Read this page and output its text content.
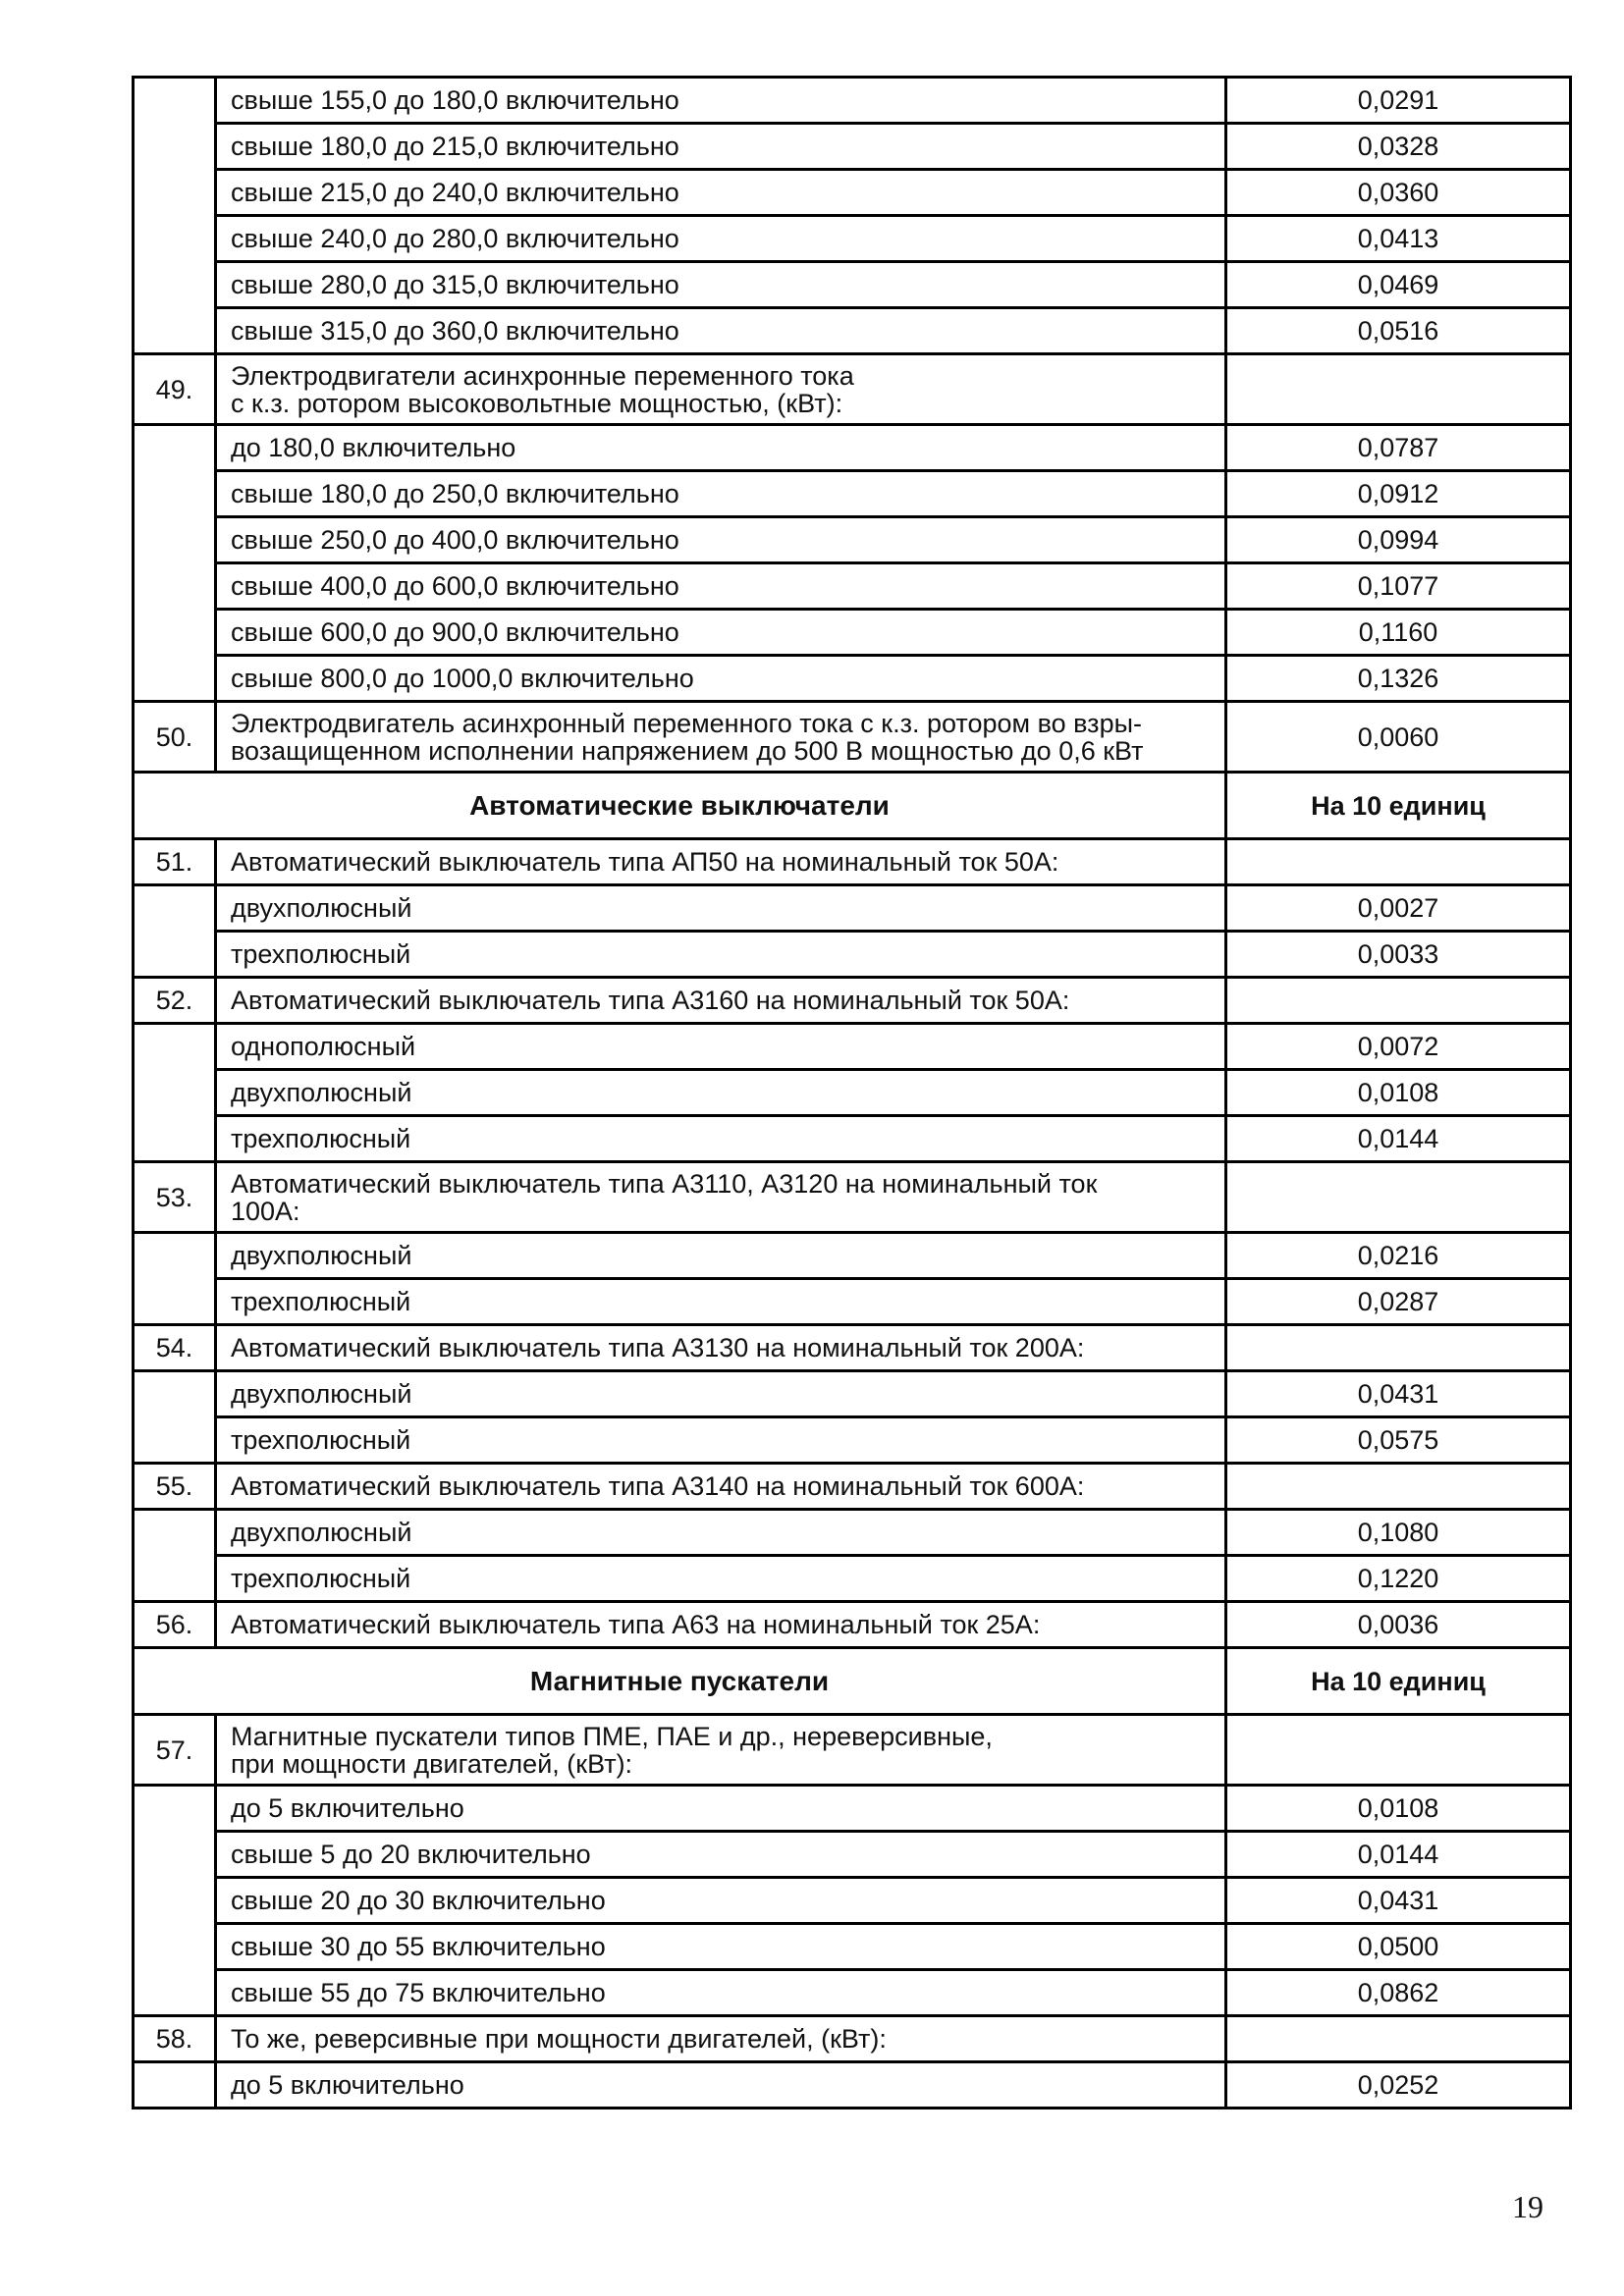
	свыше 155,0 до 180,0 включительно	0,0291
	свыше 180,0 до 215,0 включительно	0,0328
	свыше 215,0 до 240,0 включительно	0,0360
	свыше 240,0 до 280,0 включительно	0,0413
	свыше 280,0 до 315,0 включительно	0,0469
	свыше 315,0 до 360,0 включительно	0,0516
49.	Электродвигатели асинхронные переменного тока
с к.з. ротором высоковольтные мощностью, (кВт):	
	до 180,0 включительно	0,0787
	свыше 180,0 до 250,0 включительно	0,0912
	свыше 250,0 до 400,0 включительно	0,0994
	свыше 400,0 до 600,0 включительно	0,1077
	свыше 600,0 до 900,0 включительно	0,1160
	свыше 800,0 до 1000,0 включительно	0,1326
50.	Электродвигатель асинхронный переменного тока с к.з. ротором во взры-
возащищенном исполнении напряжением до 500 В мощностью до 0,6 кВт	0,0060
Автоматические выключатели		На 10 единиц
51.	Автоматический выключатель типа АП50 на номинальный ток 50А:	
	двухполюсный	0,0027
	трехполюсный	0,0033
52.	Автоматический выключатель типа А3160 на номинальный ток 50А:	
	однополюсный	0,0072
	двухполюсный	0,0108
	трехполюсный	0,0144
53.	Автоматический выключатель типа А3110, А3120 на номинальный ток
100А:	
	двухполюсный	0,0216
	трехполюсный	0,0287
54.	Автоматический выключатель типа А3130 на номинальный ток 200А:	
	двухполюсный	0,0431
	трехполюсный	0,0575
55.	Автоматический выключатель типа А3140 на номинальный ток 600А:	
	двухполюсный	0,1080
	трехполюсный	0,1220
56.	Автоматический выключатель типа А63 на номинальный ток 25А:	0,0036
Магнитные пускатели		На 10 единиц
57.	Магнитные пускатели типов ПМЕ, ПАЕ и др., нереверсивные,
при мощности двигателей, (кВт):	
	до 5 включительно	0,0108
	свыше 5 до 20 включительно	0,0144
	свыше 20 до 30 включительно	0,0431
	свыше 30 до 55 включительно	0,0500
	свыше 55 до 75 включительно	0,0862
58.	То же, реверсивные при мощности двигателей, (кВт):	
	до 5 включительно	0,0252
19
